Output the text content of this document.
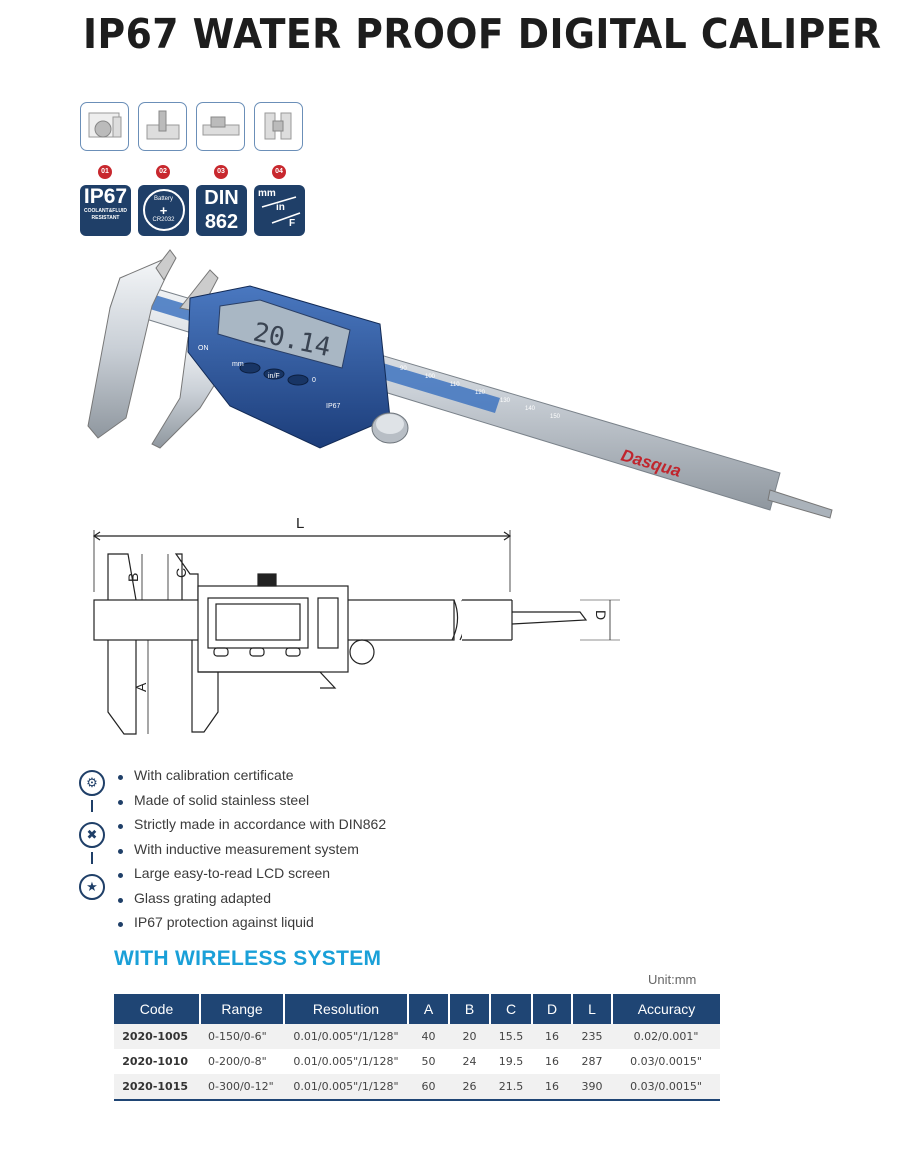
IP67 WATER PROOF DIGITAL CALIPER
01
IP67
COOLANT&FLUID
RESISTANT
02
Battery
+
CR2032
03
DIN
862
04
mm
in
F
20.14
ON
mm
in/F
0
IP67
90
100
110
120
130
140
150
Dasqua
L
B C
A
D
⚙
✖
★
With calibration certificate
Made of solid stainless steel
Strictly made in accordance with DIN862
With inductive measurement system
Large easy-to-read LCD screen
Glass grating adapted
IP67 protection against liquid
WITH WIRELESS SYSTEM
Unit:mm
Code	Range	Resolution	A	B	C	D	L	Accuracy
2020-1005	0-150/0-6"	0.01/0.005"/1/128"	40	20	15.5	16	235	0.02/0.001"
2020-1010	0-200/0-8"	0.01/0.005"/1/128"	50	24	19.5	16	287	0.03/0.0015"
2020-1015	0-300/0-12"	0.01/0.005"/1/128"	60	26	21.5	16	390	0.03/0.0015"
